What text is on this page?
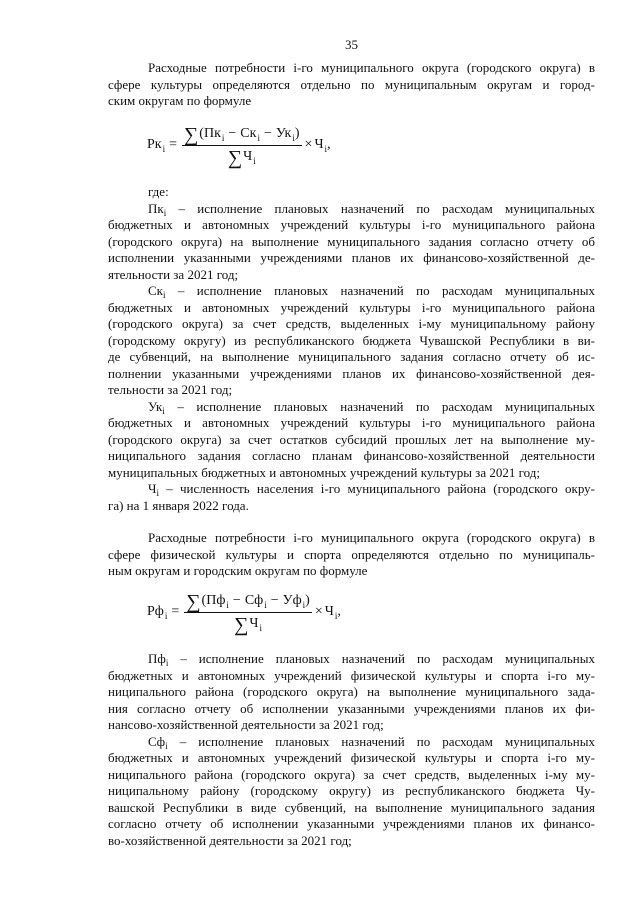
35
Расходные потребности i-го муниципального округа (городского округа) в
сфере культуры определяются отдельно по муниципальным округам и город-
ским округам по формуле
Рк i = ∑ ( Пк i − Ск i − Ук i )
∑ Ч i
× Ч i ,
где:
$Пк_i$ – исполнение плановых назначений по расходам муниципальных
бюджетных и автономных учреждений культуры i-го муниципального района
(городского округа) на выполнение муниципального задания согласно отчету об
исполнении указанными учреждениями планов их финансово-хозяйственной де-
ятельности за 2021 год;
$Ск_i$ – исполнение плановых назначений по расходам муниципальных
бюджетных и автономных учреждений культуры i-го муниципального района
(городского округа) за счет средств, выделенных i-му муниципальному району
(городскому округу) из республиканского бюджета Чувашской Республики в ви-
де субвенций, на выполнение муниципального задания согласно отчету об ис-
полнении указанными учреждениями планов их финансово-хозяйственной дея-
тельности за 2021 год;
$Ук_i$ – исполнение плановых назначений по расходам муниципальных
бюджетных и автономных учреждений культуры i-го муниципального района
(городского округа) за счет остатков субсидий прошлых лет на выполнение му-
ниципального задания согласно планам финансово-хозяйственной деятельности
муниципальных бюджетных и автономных учреждений культуры за 2021 год;
$Ч_i$ – численность населения i-го муниципального района (городского окру-
га) на 1 января 2022 года.
Расходные потребности i-го муниципального округа (городского округа) в
сфере физической культуры и спорта определяются отдельно по муниципаль-
ным округам и городским округам по формуле
Рф i = ∑ ( Пф i − Сф i − Уф i )
∑ Ч i
× Ч i ,
$Пф_i$ – исполнение плановых назначений по расходам муниципальных
бюджетных и автономных учреждений физической культуры и спорта i-го му-
ниципального района (городского округа) на выполнение муниципального зада-
ния согласно отчету об исполнении указанными учреждениями планов их фи-
нансово-хозяйственной деятельности за 2021 год;
$Сф_i$ – исполнение плановых назначений по расходам муниципальных
бюджетных и автономных учреждений физической культуры и спорта i-го му-
ниципального района (городского округа) за счет средств, выделенных i-му му-
ниципальному району (городскому округу) из республиканского бюджета Чу-
вашской Республики в виде субвенций, на выполнение муниципального задания
согласно отчету об исполнении указанными учреждениями планов их финансо-
во-хозяйственной деятельности за 2021 год;
